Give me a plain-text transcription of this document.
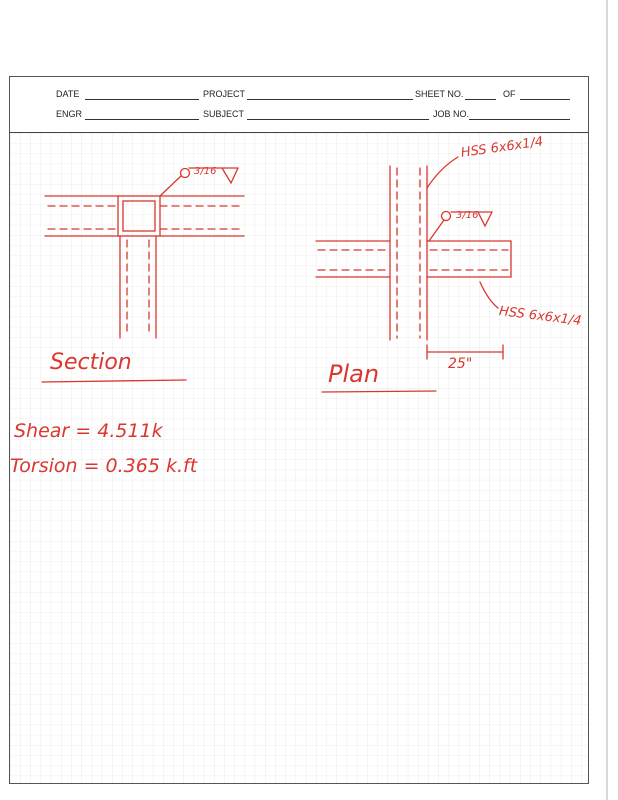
DATE	PROJECT	SHEET NO.	OF
ENGR	SUBJECT	JOB NO.
3/16
3/16
HSS 6x6x1/4
HSS 6x6x1/4
25"
Section	Plan
Shear = 4.511k
Torsion = 0.365 k.ft
